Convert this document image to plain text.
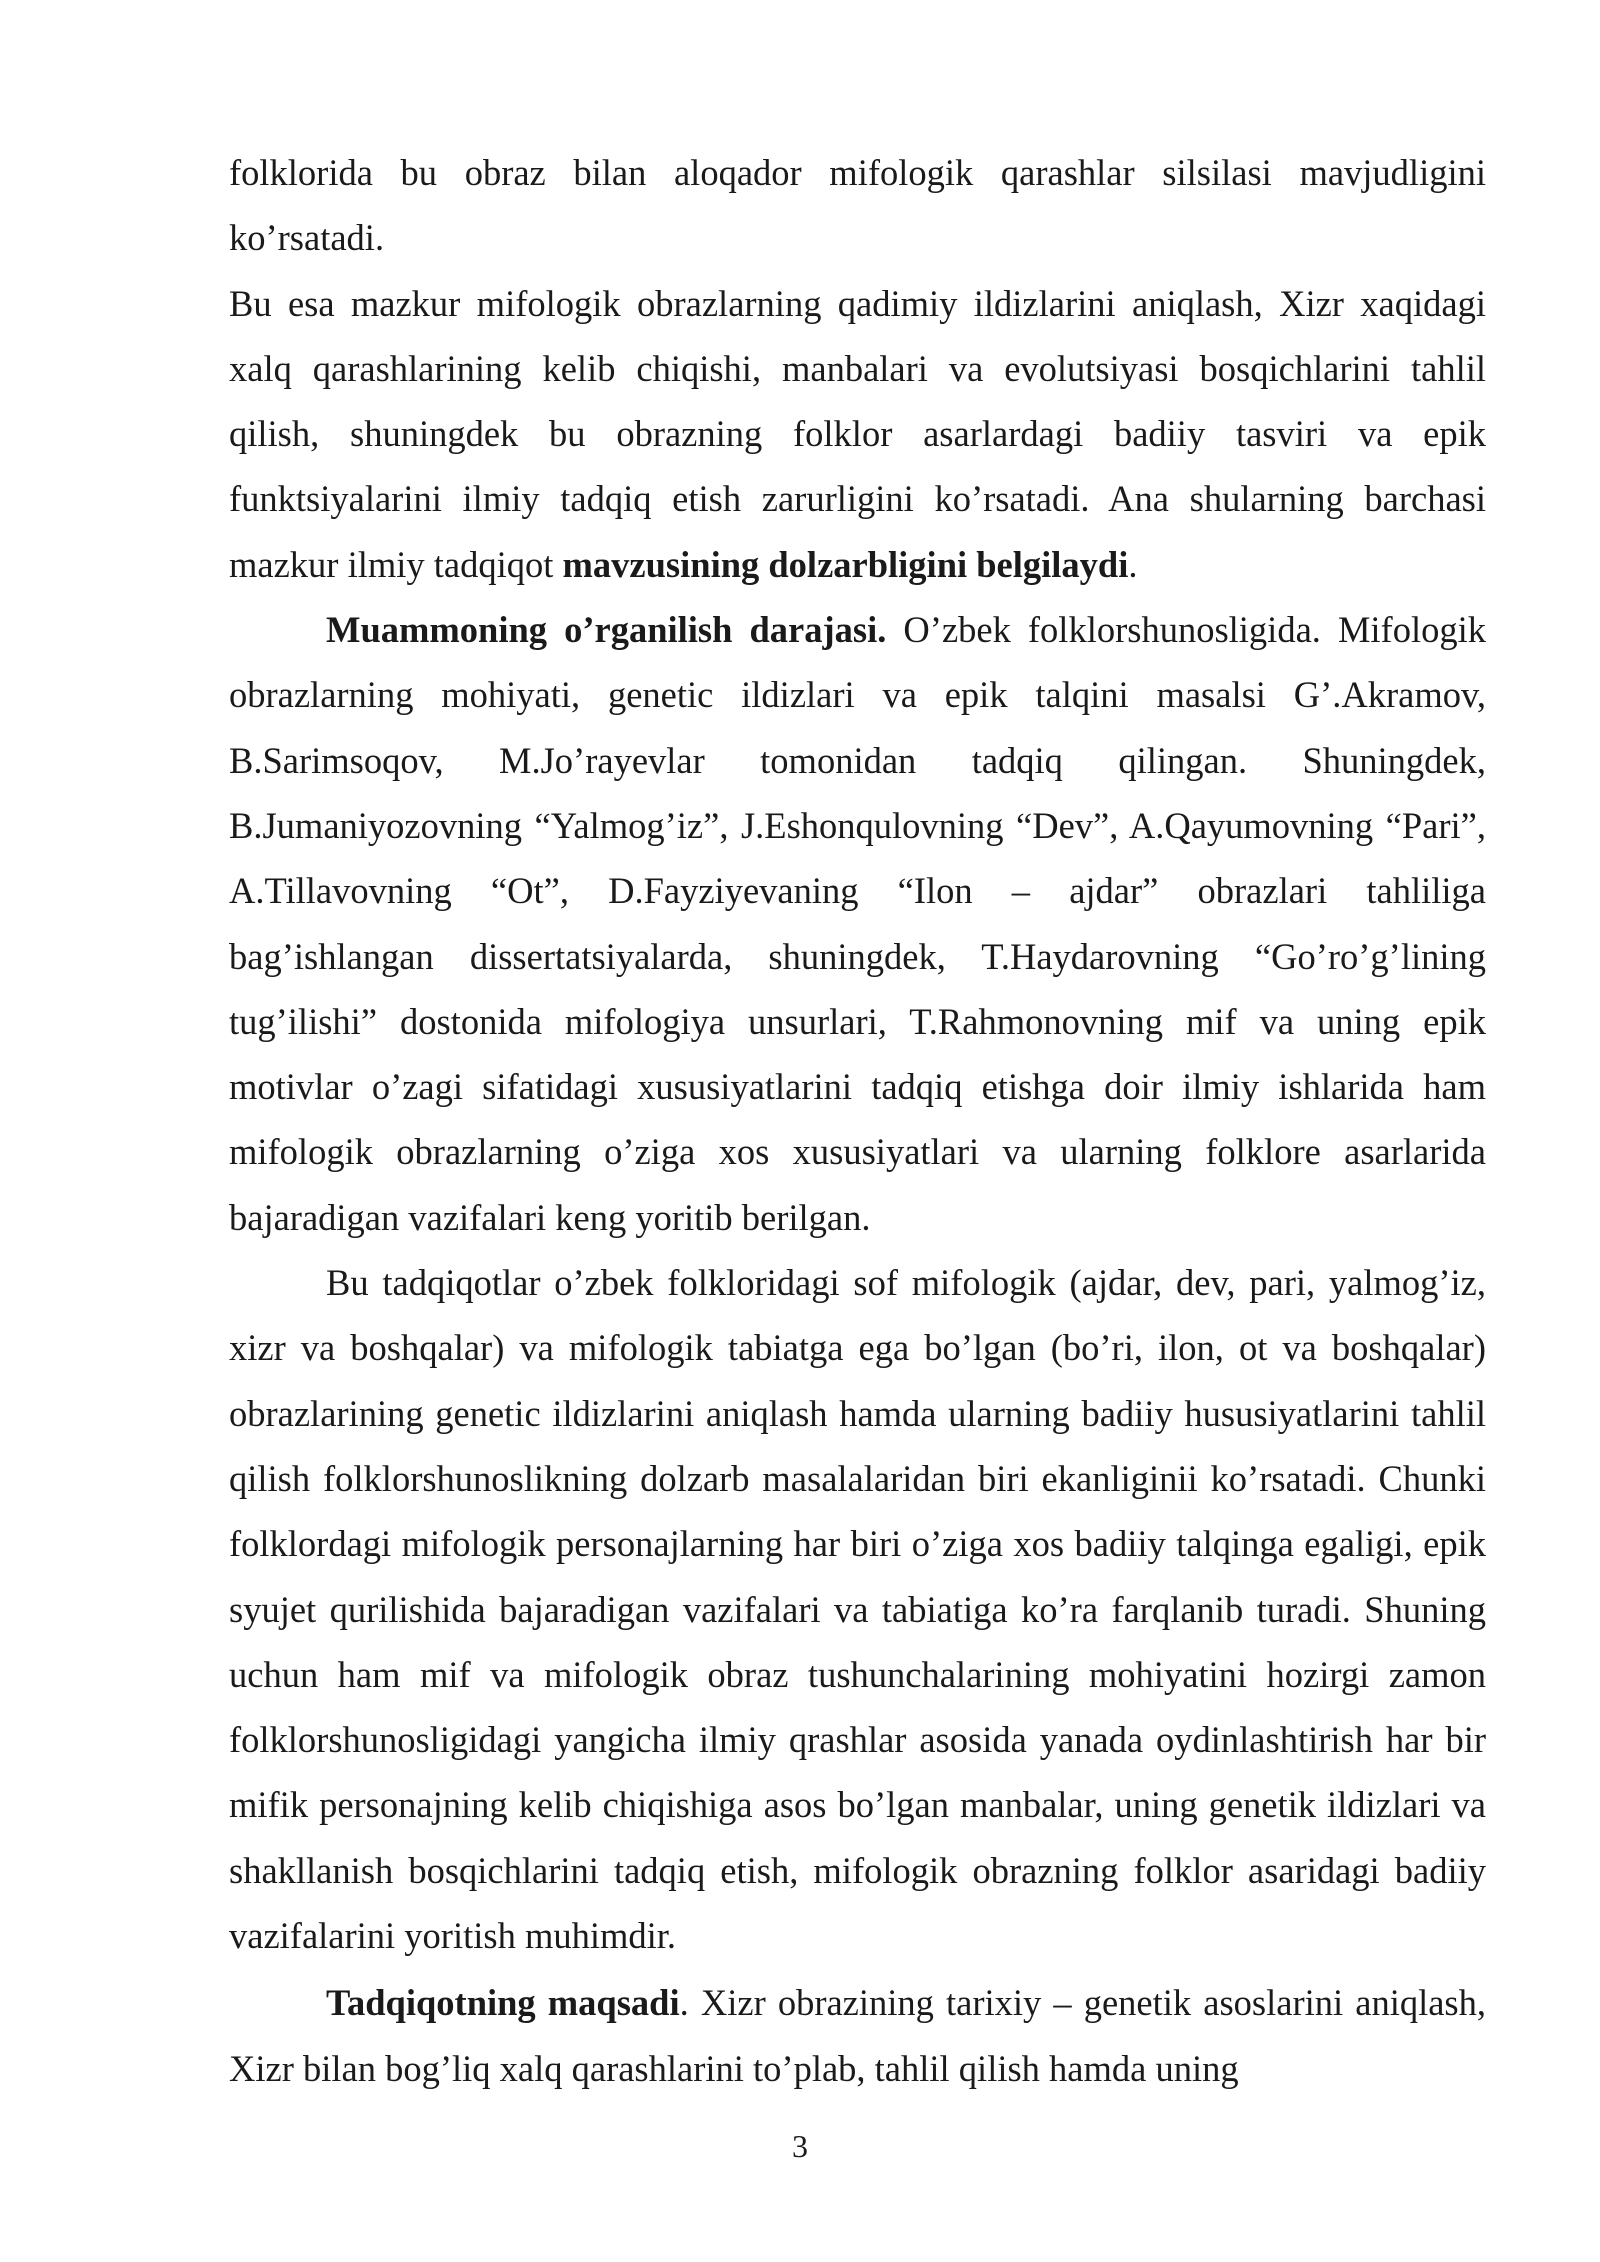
folklorida bu obraz bilan aloqador mifologik qarashlar silsilasi mavjudligini ko’rsatadi.

Bu esa mazkur mifologik obrazlarning qadimiy ildizlarini aniqlash, Xizr xaqidagi xalq qarashlarining kelib chiqishi, manbalari va evolutsiyasi bosqichlarini tahlil qilish, shuningdek bu obrazning folklor asarlardagi badiiy tasviri va epik funktsiyalarini ilmiy tadqiq etish zarurligini ko’rsatadi. Ana shularning barchasi mazkur ilmiy tadqiqot mavzusining dolzarbligini belgilaydi.

Muammoning o’rganilish darajasi. O’zbek folklorshunosligida. Mifologik obrazlarning mohiyati, genetic ildizlari va epik talqini masalsi G’.Akramov, B.Sarimsoqov, M.Jo’rayevlar tomonidan tadqiq qilingan. Shuningdek, B.Jumaniyozovning “Yalmog’iz”, J.Eshonqulovning “Dev”, A.Qayumovning “Pari”, A.Tillavovning “Ot”, D.Fayziyevaning “Ilon – ajdar” obrazlari tahliliga bag’ishlangan dissertatsiyalarda, shuningdek, T.Haydarovning “Go’ro’g’lining tug’ilishi” dostonida mifologiya unsurlari, T.Rahmonovning mif va uning epik motivlar o’zagi sifatidagi xususiyatlarini tadqiq etishga doir ilmiy ishlarida ham mifologik obrazlarning o’ziga xos xususiyatlari va ularning folklore asarlarida bajaradigan vazifalari keng yoritib berilgan.

Bu tadqiqotlar o’zbek folkloridagi sof mifologik (ajdar, dev, pari, yalmog’iz, xizr va boshqalar) va mifologik tabiatga ega bo’lgan (bo’ri, ilon, ot va boshqalar) obrazlarining genetic ildizlarini aniqlash hamda ularning badiiy hususiyatlarini tahlil qilish folklorshunoslikning dolzarb masalalaridan biri ekanliginii ko’rsatadi. Chunki folklordagi mifologik personajlarning har biri o’ziga xos badiiy talqinga egaligi, epik syujet qurilishida bajaradigan vazifalari va tabiatiga ko’ra farqlanib turadi. Shuning uchun ham mif va mifologik obraz tushunchalarining mohiyatini hozirgi zamon folklorshunosligidagi yangicha ilmiy qrashlar asosida yanada oydinlashtirish har bir mifik personajning kelib chiqishiga asos bo’lgan manbalar, uning genetik ildizlari va shakllanish bosqichlarini tadqiq etish, mifologik obrazning folklor asaridagi badiiy vazifalarini yoritish muhimdir.

Tadqiqotning maqsadi. Xizr obrazining tarixiy – genetik asoslarini aniqlash, Xizr bilan bog’liq xalq qarashlarini to’plab, tahlil qilish hamda uning

3
